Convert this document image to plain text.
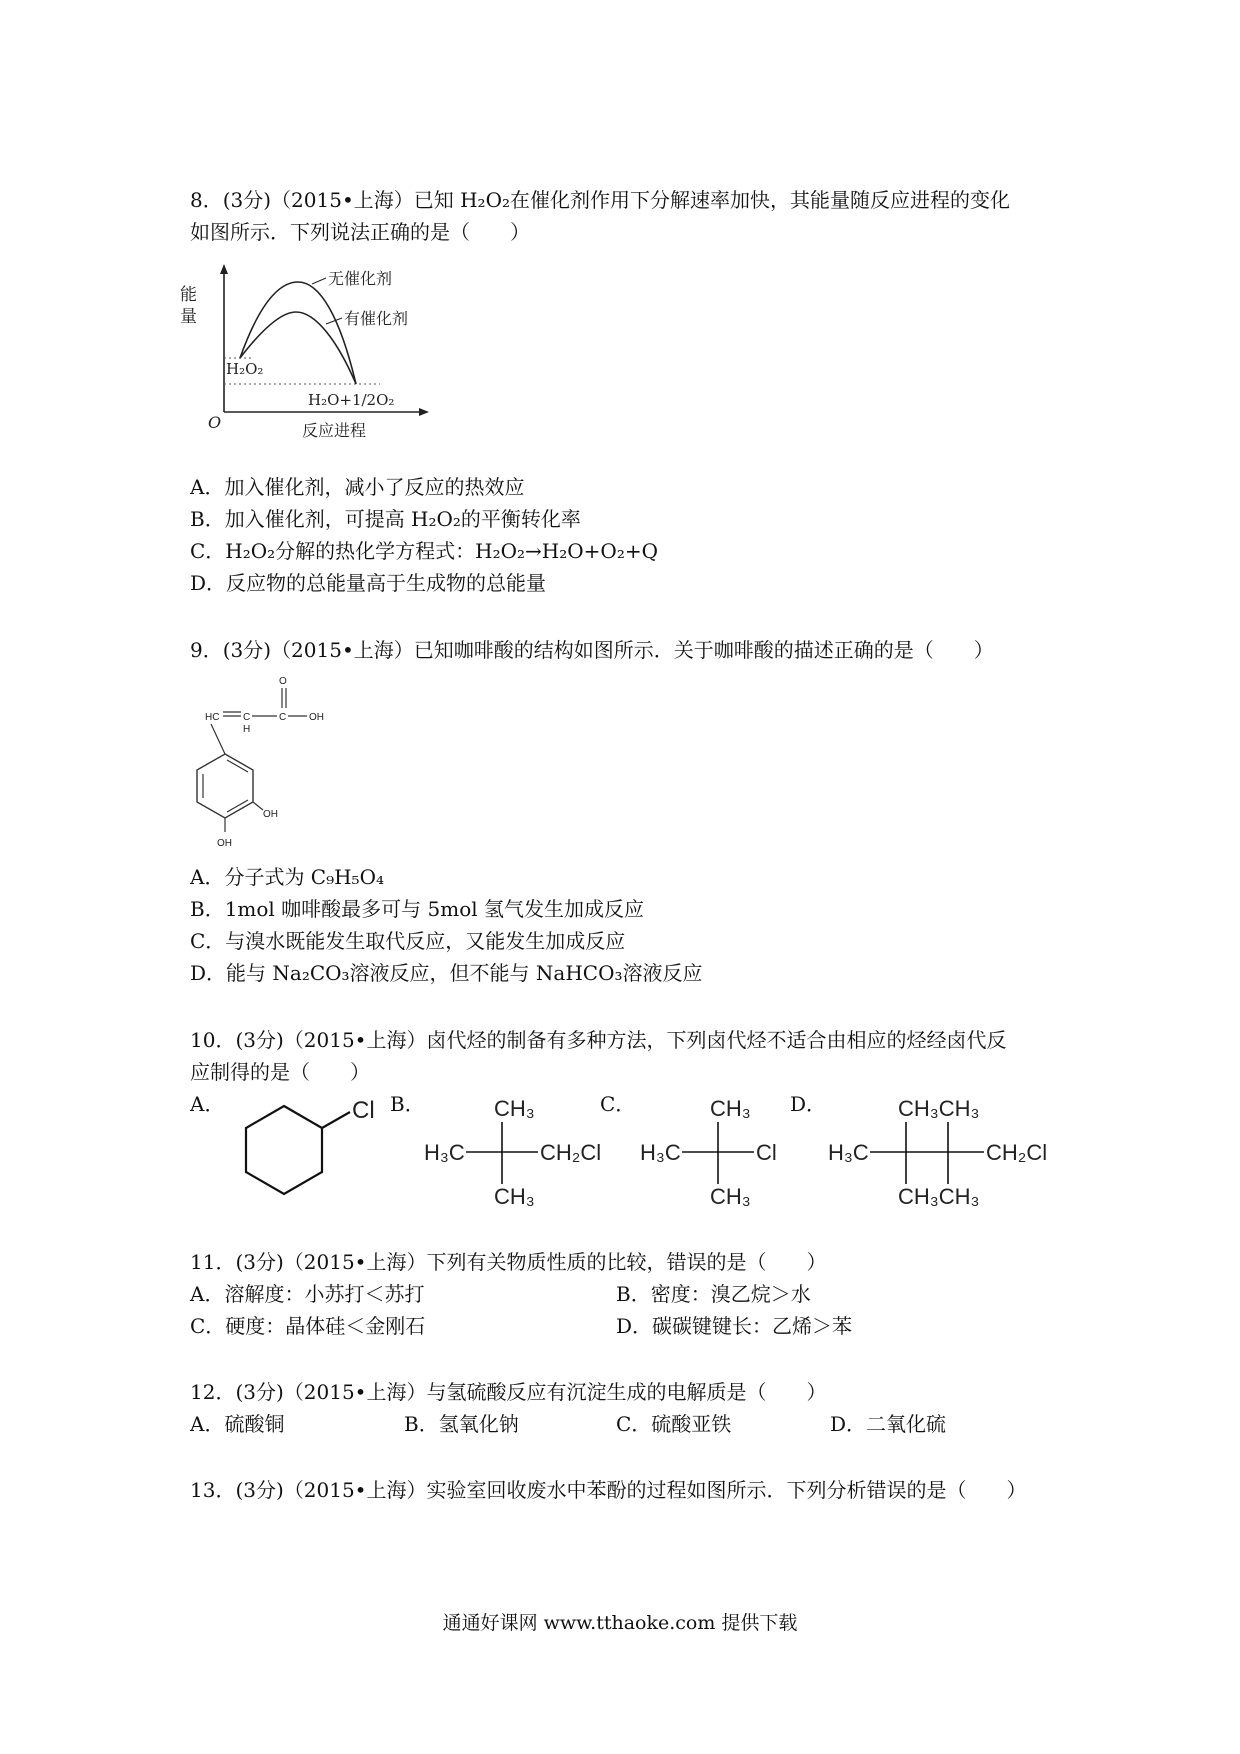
8．(3分)（2015•上海）已知 H₂O₂在催化剂作用下分解速率加快，其能量随反应进程的变化
如图所示．下列说法正确的是（　　）
能
量
无催化剂
有催化剂
H₂O₂
H₂O+1/2O₂
O	反应进程
A．加入催化剂，减小了反应的热效应
B．加入催化剂，可提高 H₂O₂的平衡转化率
C．H₂O₂分解的热化学方程式：H₂O₂→H₂O+O₂+Q
D．反应物的总能量高于生成物的总能量
9．(3分)（2015•上海）已知咖啡酸的结构如图所示．关于咖啡酸的描述正确的是（　　）
HC C
H
C
O
OH
OH
OH
A．分子式为 C₉H₅O₄
B．1mol 咖啡酸最多可与 5mol 氢气发生加成反应
C．与溴水既能发生取代反应，又能发生加成反应
D．能与 Na₂CO₃溶液反应，但不能与 NaHCO₃溶液反应
10．(3分)（2015•上海）卤代烃的制备有多种方法，下列卤代烃不适合由相应的烃经卤代反
应制得的是（　　）
A．	B．	C．	D．
Cl	CH₃
H₃C	CH₂Cl
CH₃
CH₃
H₃C	Cl
CH₃
CH₃CH₃
H₃C	CH₂Cl
CH₃CH₃
11．(3分)（2015•上海）下列有关物质性质的比较，错误的是（　　）
A．溶解度：小苏打＜苏打	B．密度：溴乙烷＞水
C．硬度：晶体硅＜金刚石	D．碳碳键键长：乙烯＞苯
12．(3分)（2015•上海）与氢硫酸反应有沉淀生成的电解质是（　　）
A．硫酸铜	B．氢氧化钠	C．硫酸亚铁	D．二氧化硫
13．(3分)（2015•上海）实验室回收废水中苯酚的过程如图所示．下列分析错误的是（　　）
通通好课网 www.tthaoke.com 提供下载
